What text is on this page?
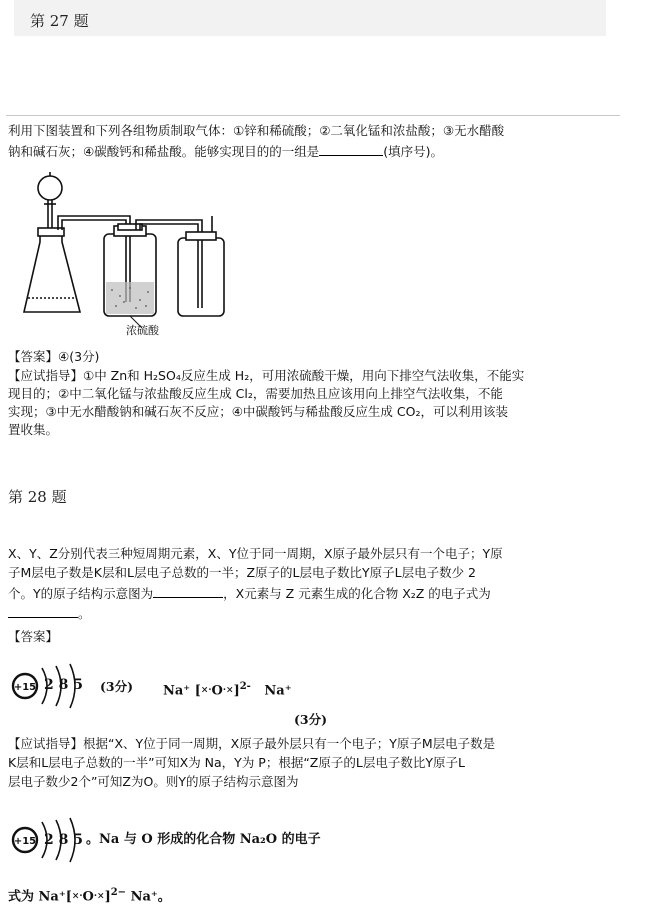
第 27 题
利用下图装置和下列各组物质制取气体：①锌和稀硫酸；②二氧化锰和浓盐酸；③无水醋酸
钠和碱石灰；④碳酸钙和稀盐酸。能够实现目的的一组是	(填序号)。
浓硫酸
【答案】④(3分)
【应试指导】①中 Zn和 H₂SO₄反应生成 H₂，可用浓硫酸干燥，用向下排空气法收集，不能实
现目的；②中二氧化锰与浓盐酸反应生成 Cl₂，需要加热且应该用向上排空气法收集，不能
实现；③中无水醋酸钠和碱石灰不反应；④中碳酸钙与稀盐酸反应生成 CO₂，可以利用该装
置收集。
第 28 题
X、Y、Z分别代表三种短周期元素，X、Y位于同一周期，X原子最外层只有一个电子；Y原
子M层电子数是K层和L层电子总数的一半；Z原子的L层电子数比Y原子L层电子数少 2
个。Y的原子结构示意图为	，X元素与 Z 元素生成的化合物 X₂Z 的电子式为
。
【答案】
+15 2 8 5 (3分) Na⁺ $[\times\cdot O\cdot\times]^{2-}$ Na⁺
(3分)
【应试指导】根据“X、Y位于同一周期，X原子最外层只有一个电子；Y原子M层电子数是
K层和L层电子总数的一半”可知X为 Na，Y为 P；根据“Z原子的L层电子数比Y原子L
层电子数少2个”可知Z为O。则Y的原子结构示意图为
+15 2 8 5 。Na 与 O 形成的化合物 Na₂O 的电子
式为 $Na^+[\times\cdot O\cdot\times]^{2-}$ Na⁺。
